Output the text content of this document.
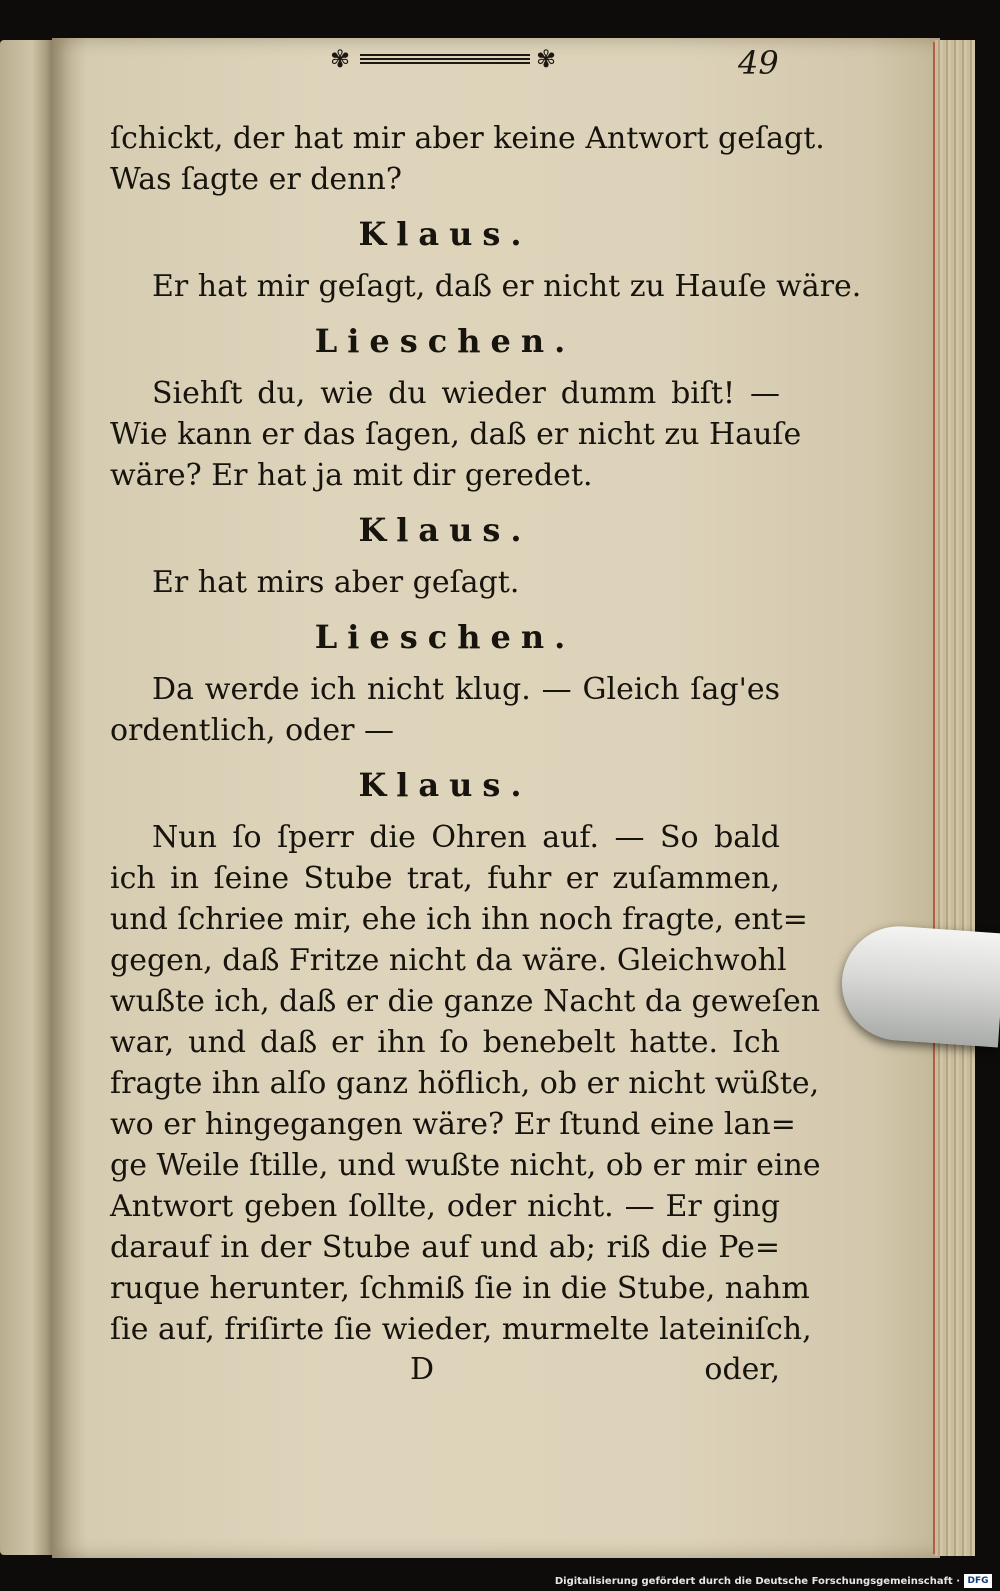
✾	✾	49
ſchickt, der hat mir aber keine Antwort geſagt.
Was ſagte er denn?
Klaus.
Er hat mir geſagt, daß er nicht zu Hauſe wäre.
Lieschen.
Siehſt du, wie du wieder dumm biſt! —
Wie kann er das ſagen, daß er nicht zu Hauſe
wäre? Er hat ja mit dir geredet.
Klaus.
Er hat mirs aber geſagt.
Lieschen.
Da werde ich nicht klug. — Gleich ſag'es
ordentlich, oder —
Klaus.
Nun ſo ſperr die Ohren auf. — So bald
ich in ſeine Stube trat, fuhr er zuſammen,
und ſchriee mir, ehe ich ihn noch fragte, ent=
gegen, daß Fritze nicht da wäre. Gleichwohl
wußte ich, daß er die ganze Nacht da geweſen
war, und daß er ihn ſo benebelt hatte. Ich
fragte ihn alſo ganz höflich, ob er nicht wüßte,
wo er hingegangen wäre? Er ſtund eine lan=
ge Weile ſtille, und wußte nicht, ob er mir eine
Antwort geben ſollte, oder nicht. — Er ging
darauf in der Stube auf und ab; riß die Pe=
ruque herunter, ſchmiß ſie in die Stube, nahm
ſie auf, friſirte ſie wieder, murmelte lateiniſch,
D	oder,
Digitalisierung gefördert durch die Deutsche Forschungsgemeinschaft · DFG
